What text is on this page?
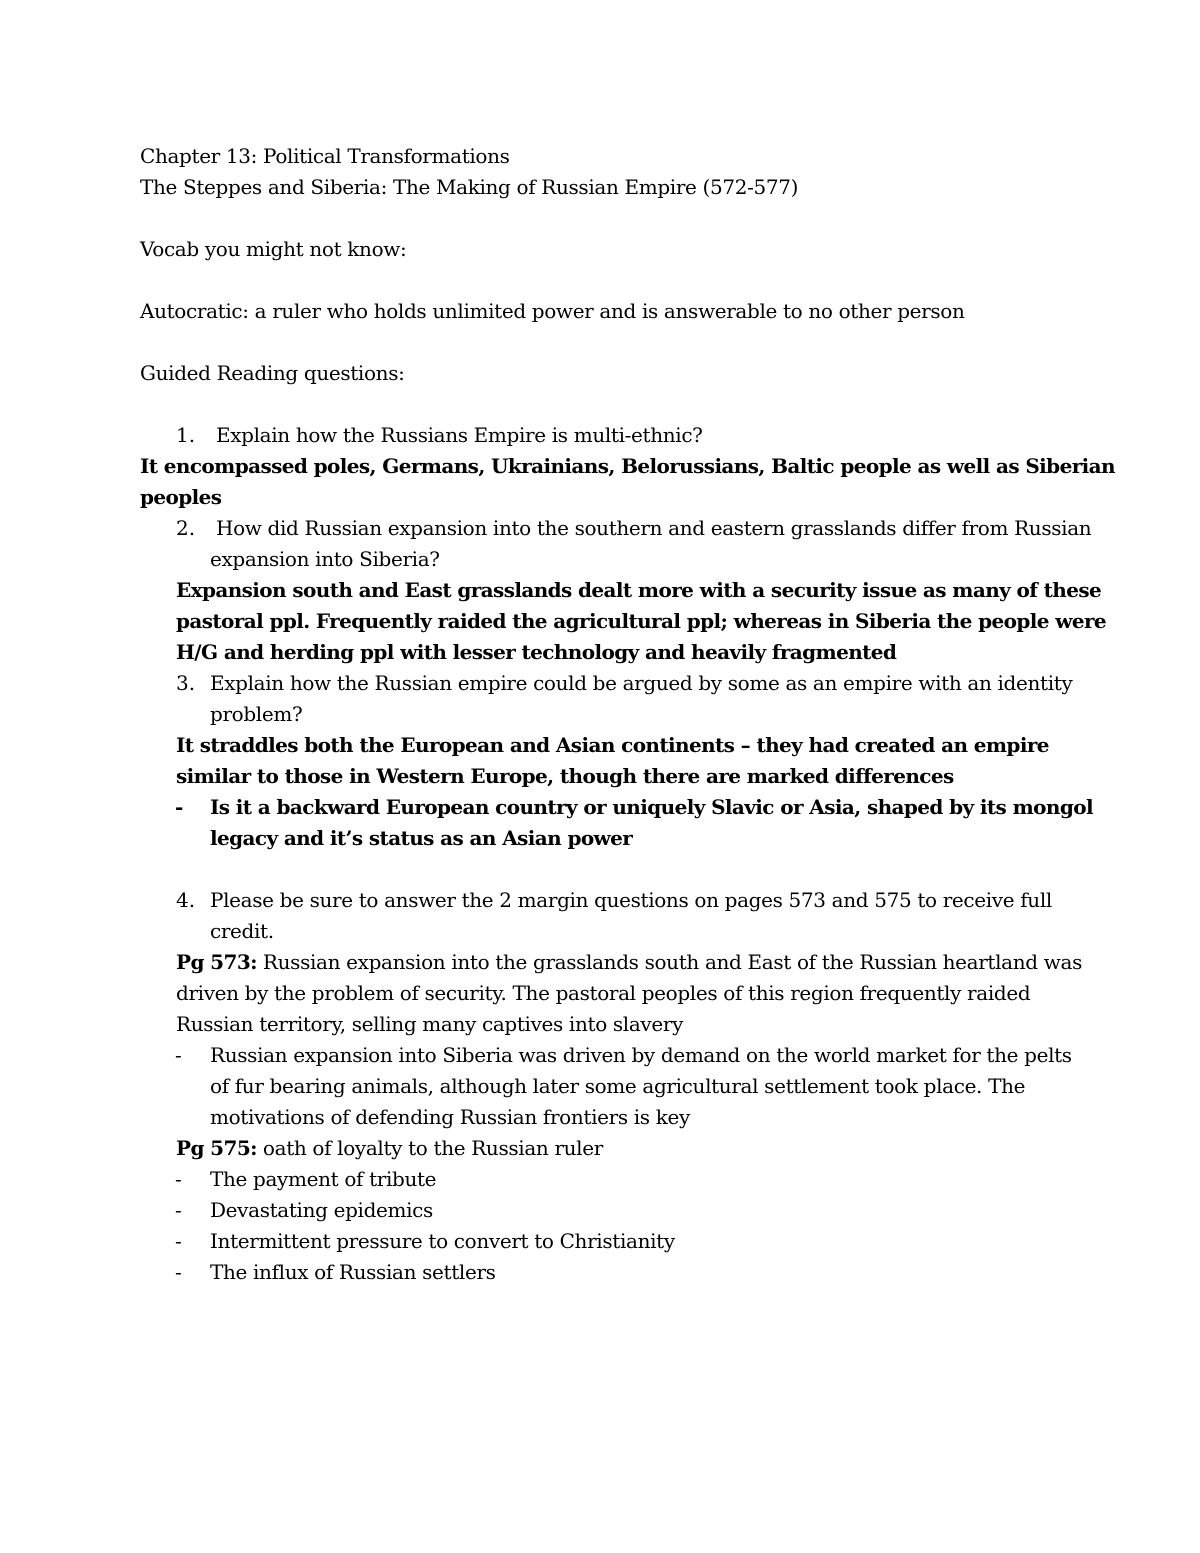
Chapter 13: Political Transformations
The Steppes and Siberia: The Making of Russian Empire (572-577)
Vocab you might not know:
Autocratic: a ruler who holds unlimited power and is answerable to no other person
Guided Reading questions:
1. Explain how the Russians Empire is multi-ethnic?
It encompassed poles, Germans, Ukrainians, Belorussians, Baltic people as well as Siberian
peoples
2. How did Russian expansion into the southern and eastern grasslands differ from Russian
expansion into Siberia?
Expansion south and East grasslands dealt more with a security issue as many of these
pastoral ppl. Frequently raided the agricultural ppl; whereas in Siberia the people were
H/G and herding ppl with lesser technology and heavily fragmented
3. Explain how the Russian empire could be argued by some as an empire with an identity
problem?
It straddles both the European and Asian continents – they had created an empire
similar to those in Western Europe, though there are marked differences
- Is it a backward European country or uniquely Slavic or Asia, shaped by its mongol
legacy and it’s status as an Asian power
4. Please be sure to answer the 2 margin questions on pages 573 and 575 to receive full
credit.
Pg 573: Russian expansion into the grasslands south and East of the Russian heartland was
driven by the problem of security. The pastoral peoples of this region frequently raided
Russian territory, selling many captives into slavery
- Russian expansion into Siberia was driven by demand on the world market for the pelts
of fur bearing animals, although later some agricultural settlement took place. The
motivations of defending Russian frontiers is key
Pg 575: oath of loyalty to the Russian ruler
- The payment of tribute
- Devastating epidemics
- Intermittent pressure to convert to Christianity
- The influx of Russian settlers
